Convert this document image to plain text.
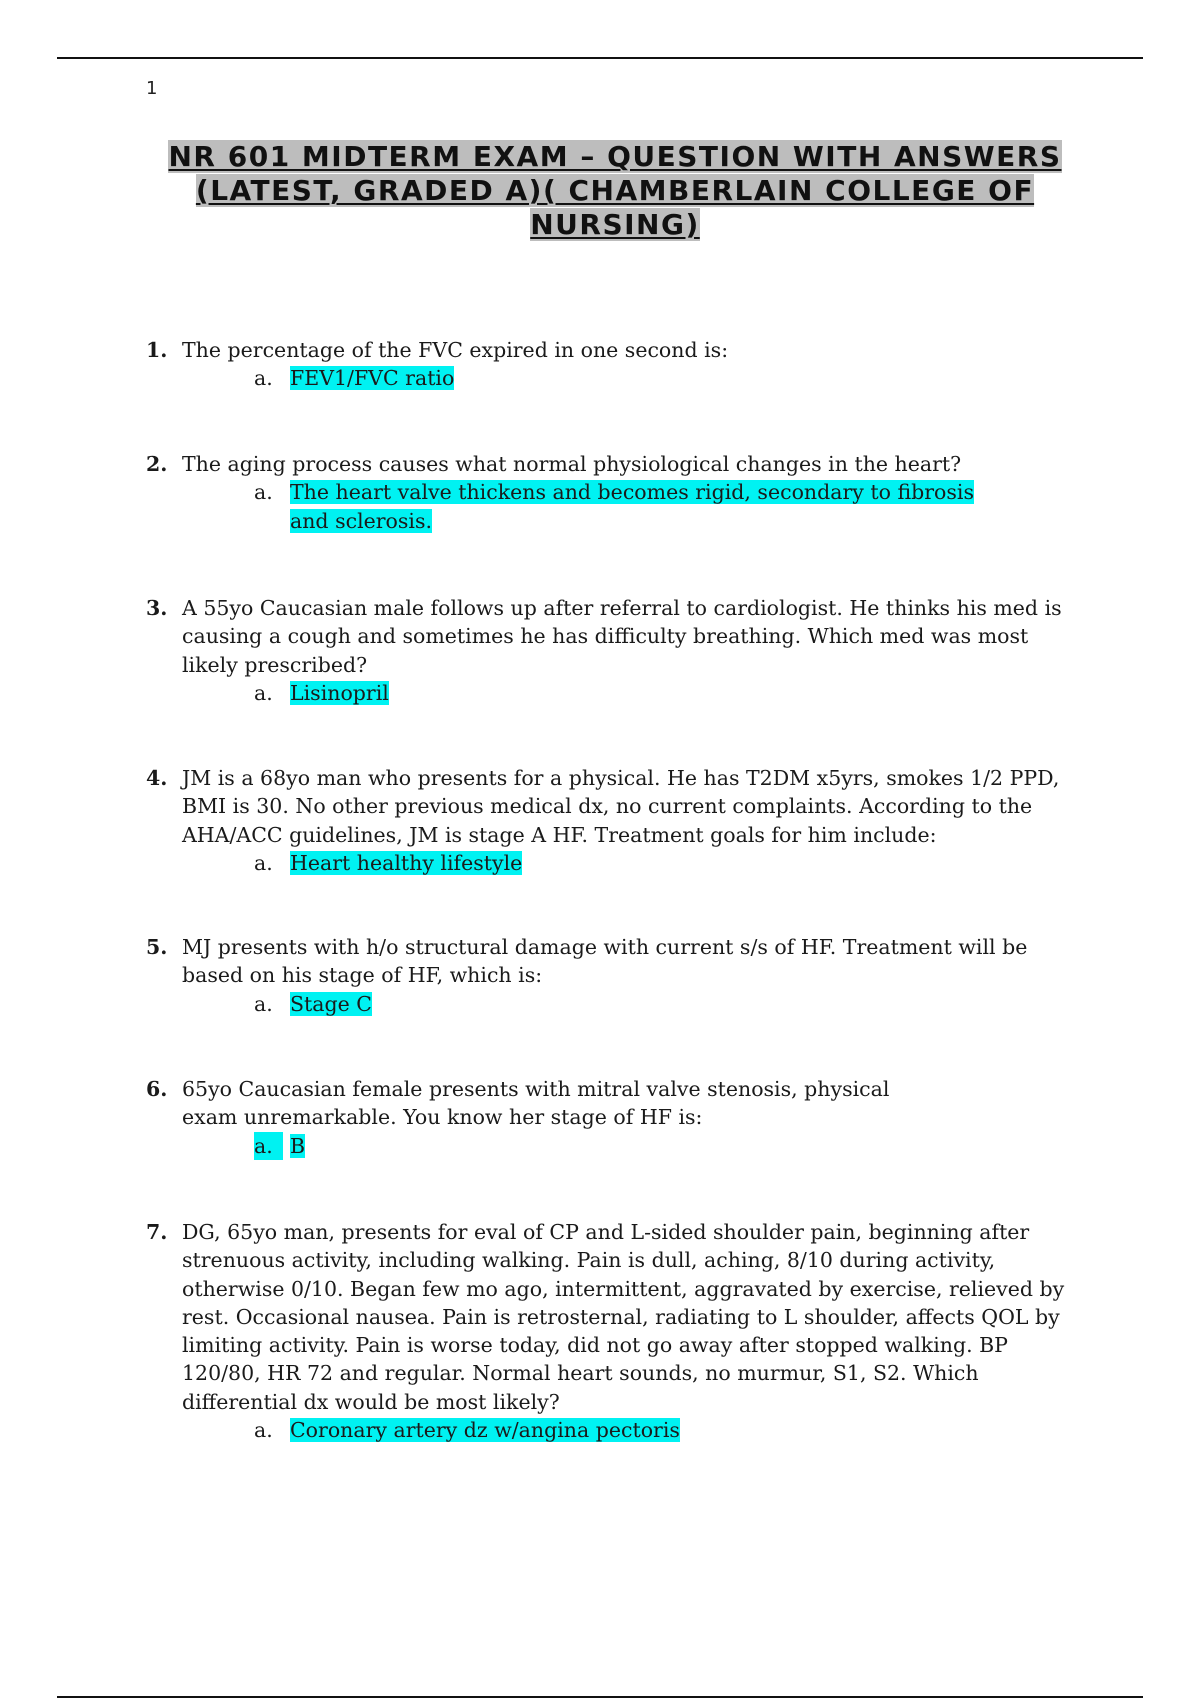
1
NR 601 MIDTERM EXAM – QUESTION WITH ANSWERS (LATEST, GRADED A)( CHAMBERLAIN COLLEGE OF NURSING)
1. The percentage of the FVC expired in one second is:
a. FEV1/FVC ratio
2. The aging process causes what normal physiological changes in the heart?
a. The heart valve thickens and becomes rigid, secondary to fibrosis and sclerosis.
3. A 55yo Caucasian male follows up after referral to cardiologist. He thinks his med is
causing a cough and sometimes he has difficulty breathing. Which med was most
likely prescribed?
a. Lisinopril
4. JM is a 68yo man who presents for a physical. He has T2DM x5yrs, smokes 1/2 PPD,
BMI is 30. No other previous medical dx, no current complaints. According to the
AHA/ACC guidelines, JM is stage A HF. Treatment goals for him include:
a. Heart healthy lifestyle
5. MJ presents with h/o structural damage with current s/s of HF. Treatment will be
based on his stage of HF, which is:
a. Stage C
6. 65yo Caucasian female presents with mitral valve stenosis, physical
exam unremarkable. You know her stage of HF is:
a. B
7. DG, 65yo man, presents for eval of CP and L-sided shoulder pain, beginning after
strenuous activity, including walking. Pain is dull, aching, 8/10 during activity,
otherwise 0/10. Began few mo ago, intermittent, aggravated by exercise, relieved by
rest. Occasional nausea. Pain is retrosternal, radiating to L shoulder, affects QOL by
limiting activity. Pain is worse today, did not go away after stopped walking. BP
120/80, HR 72 and regular. Normal heart sounds, no murmur, S1, S2. Which
differential dx would be most likely?
a. Coronary artery dz w/angina pectoris
